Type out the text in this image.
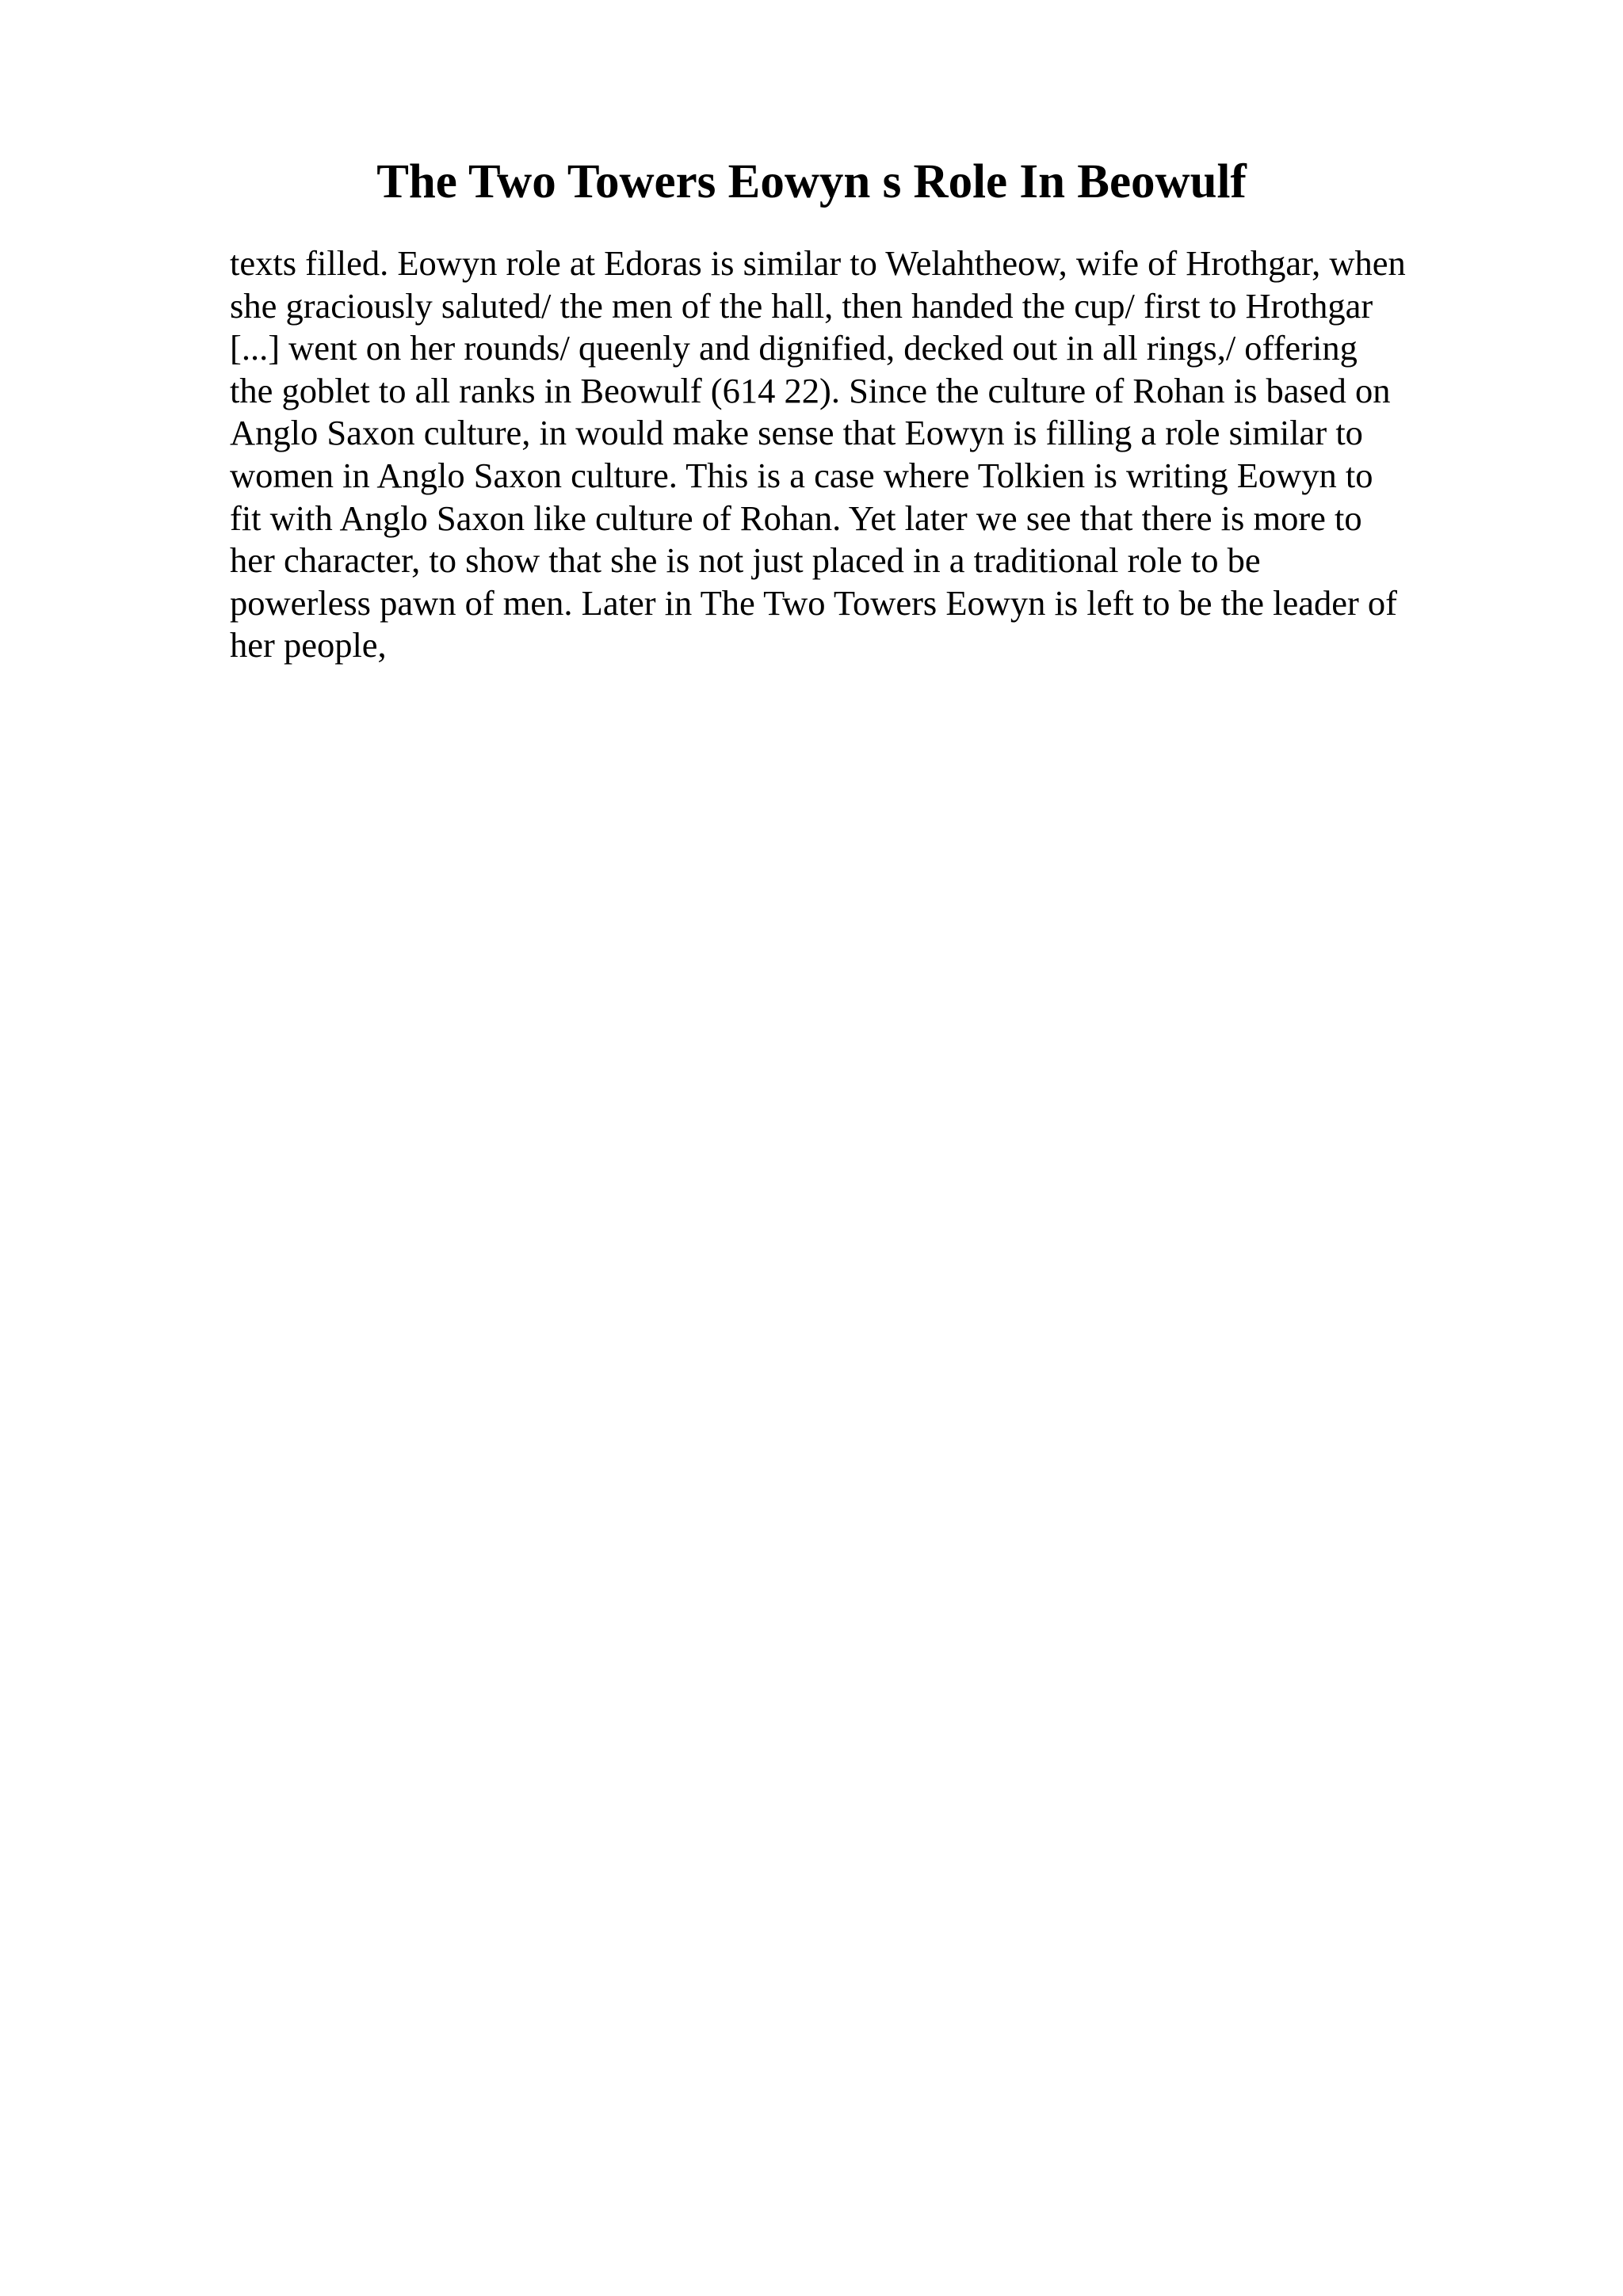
The Two Towers Eowyn s Role In Beowulf
texts filled. Eowyn role at Edoras is similar to Welahtheow, wife of Hrothgar, when
she graciously saluted/ the men of the hall, then handed the cup/ first to Hrothgar
[...] went on her rounds/ queenly and dignified, decked out in all rings,/ offering
the goblet to all ranks in Beowulf (614 22). Since the culture of Rohan is based on
Anglo Saxon culture, in would make sense that Eowyn is filling a role similar to
women in Anglo Saxon culture. This is a case where Tolkien is writing Eowyn to
fit with Anglo Saxon like culture of Rohan. Yet later we see that there is more to
her character, to show that she is not just placed in a traditional role to be
powerless pawn of men. Later in The Two Towers Eowyn is left to be the leader of
her people,
